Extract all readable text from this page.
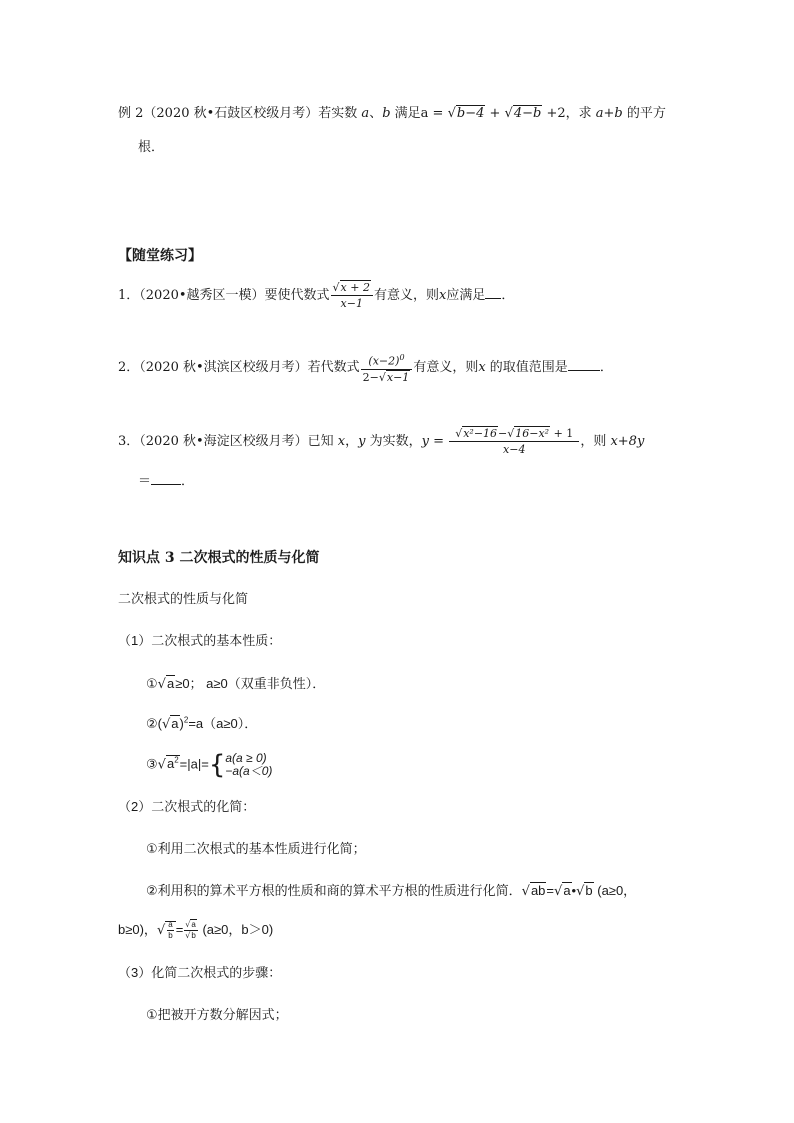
例 2（2020 秋•石鼓区校级月考）若实数 a、b 满足a = √b−4 + √4−b +2，求 a+b 的平方
根．
【随堂练习】
1．（2020•越秀区一模）要使代数式 $\frac{√x + 2}{x-1}$ 有意义，则x应满足 ．
2．（2020 秋•淇滨区校级月考）若代数式 $\frac{(x-2)^0}{2-√x-1}$ 有意义，则x 的取值范围是 ．
3．（2020 秋•海淀区校级月考）已知 x，y 为实数，$y = \frac{\text{√x²−16−√16−x² + 1}}{x-4}$ ，则 x+8y
＝ ．
知识点 3 二次根式的性质与化简
二次根式的性质与化简
（1）二次根式的基本性质：
①√a≥0； a≥0（双重非负性）．
$②(√a)^2=a(a\ge 0)$．
$③√a^2=|a|=${ a(a ≥ 0)
−a(a＜0)
（2）二次根式的化简：
①利用二次根式的基本性质进行化简；
②利用积的算术平方根的性质和商的算术平方根的性质进行化简．√ab=√a•√b (a≥0，
b≥0)，√ $\frac{a}{b} = \frac{√a}{√b} (a\ge 0$，b＞0)
（3）化简二次根式的步骤：
①把被开方数分解因式；
